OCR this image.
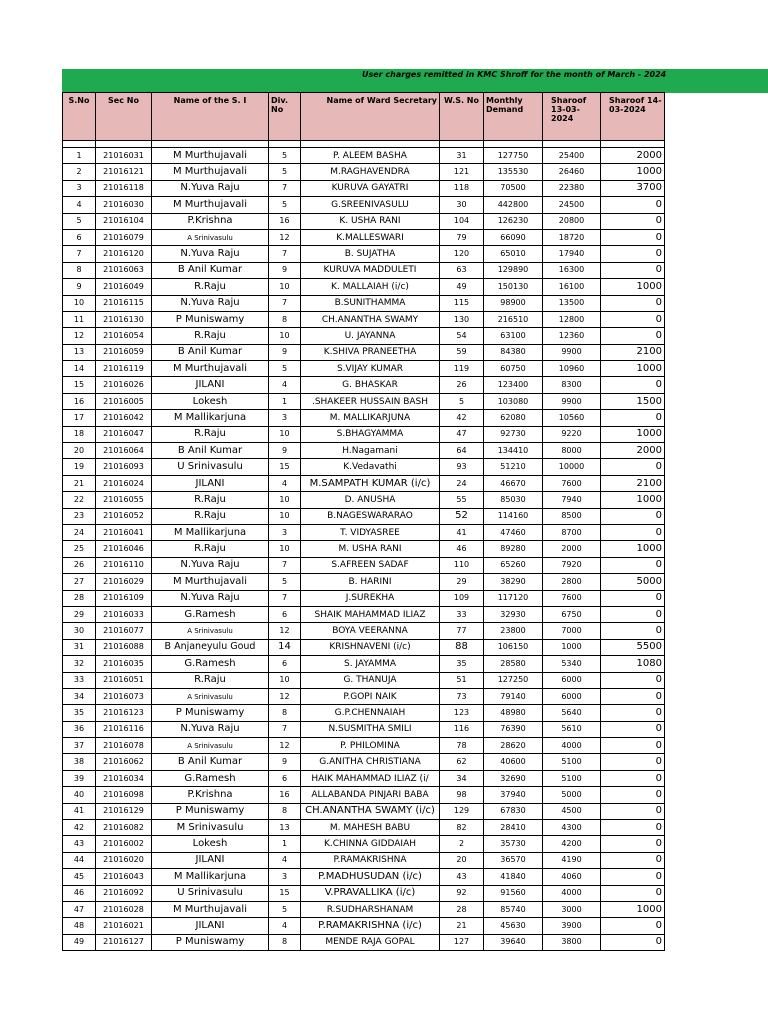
User charges remitted in KMC Shroff for the month of March - 2024
S.No	Sec No	Name of the S. I	Div. No	Name of Ward Secretary	W.S. No	Monthly Demand	Sharoof 13-03-2024	Sharoof 14-03-2024

1	21016031	M Murthujavali	5	P. ALEEM BASHA	31	127750	25400	2000
2	21016121	M Murthujavali	5	M.RAGHAVENDRA	121	135530	26460	1000
3	21016118	N.Yuva Raju	7	KURUVA GAYATRI	118	70500	22380	3700
4	21016030	M Murthujavali	5	G.SREENIVASULU	30	442800	24500	0
5	21016104	P.Krishna	16	K. USHA RANI	104	126230	20800	0
6	21016079	A Srinivasulu	12	K.MALLESWARI	79	66090	18720	0
7	21016120	N.Yuva Raju	7	B. SUJATHA	120	65010	17940	0
8	21016063	B Anil Kumar	9	KURUVA MADDULETI	63	129890	16300	0
9	21016049	R.Raju	10	K. MALLAIAH (i/c)	49	150130	16100	1000
10	21016115	N.Yuva Raju	7	B.SUNITHAMMA	115	98900	13500	0
11	21016130	P Muniswamy	8	CH.ANANTHA SWAMY	130	216510	12800	0
12	21016054	R.Raju	10	U. JAYANNA	54	63100	12360	0
13	21016059	B Anil Kumar	9	K.SHIVA PRANEETHA	59	84380	9900	2100
14	21016119	M Murthujavali	5	S.VIJAY KUMAR	119	60750	10960	1000
15	21016026	JILANI	4	G. BHASKAR	26	123400	8300	0
16	21016005	Lokesh	1	.SHAKEER HUSSAIN BASH	5	103080	9900	1500
17	21016042	M Mallikarjuna	3	M. MALLIKARJUNA	42	62080	10560	0
18	21016047	R.Raju	10	S.BHAGYAMMA	47	92730	9220	1000
20	21016064	B Anil Kumar	9	H.Nagamani	64	134410	8000	2000
19	21016093	U Srinivasulu	15	K.Vedavathi	93	51210	10000	0
21	21016024	JILANI	4	M.SAMPATH KUMAR (i/c)	24	46670	7600	2100
22	21016055	R.Raju	10	D. ANUSHA	55	85030	7940	1000
23	21016052	R.Raju	10	B.NAGESWARARAO	52	114160	8500	0
24	21016041	M Mallikarjuna	3	T. VIDYASREE	41	47460	8700	0
25	21016046	R.Raju	10	M. USHA RANI	46	89280	2000	1000
26	21016110	N.Yuva Raju	7	S.AFREEN SADAF	110	65260	7920	0
27	21016029	M Murthujavali	5	B. HARINI	29	38290	2800	5000
28	21016109	N.Yuva Raju	7	J.SUREKHA	109	117120	7600	0
29	21016033	G.Ramesh	6	SHAIK MAHAMMAD ILIAZ	33	32930	6750	0
30	21016077	A Srinivasulu	12	BOYA VEERANNA	77	23800	7000	0
31	21016088	B Anjaneyulu Goud	14	KRISHNAVENI (i/c)	88	106150	1000	5500
32	21016035	G.Ramesh	6	S. JAYAMMA	35	28580	5340	1080
33	21016051	R.Raju	10	G. THANUJA	51	127250	6000	0
34	21016073	A Srinivasulu	12	P.GOPI NAIK	73	79140	6000	0
35	21016123	P Muniswamy	8	G.P.CHENNAIAH	123	48980	5640	0
36	21016116	N.Yuva Raju	7	N.SUSMITHA SMILI	116	76390	5610	0
37	21016078	A Srinivasulu	12	P. PHILOMINA	78	28620	4000	0
38	21016062	B Anil Kumar	9	G.ANITHA CHRISTIANA	62	40600	5100	0
39	21016034	G.Ramesh	6	HAIK MAHAMMAD ILIAZ (i/	34	32690	5100	0
40	21016098	P.Krishna	16	ALLABANDA PINJARI BABA	98	37940	5000	0
41	21016129	P Muniswamy	8	CH.ANANTHA SWAMY (i/c)	129	67830	4500	0
42	21016082	M Srinivasulu	13	M. MAHESH BABU	82	28410	4300	0
43	21016002	Lokesh	1	K.CHINNA GIDDAIAH	2	35730	4200	0
44	21016020	JILANI	4	P.RAMAKRISHNA	20	36570	4190	0
45	21016043	M Mallikarjuna	3	P.MADHUSUDAN (i/c)	43	41840	4060	0
46	21016092	U Srinivasulu	15	V.PRAVALLIKA (i/c)	92	91560	4000	0
47	21016028	M Murthujavali	5	R.SUDHARSHANAM	28	85740	3000	1000
48	21016021	JILANI	4	P.RAMAKRISHNA (i/c)	21	45630	3900	0
49	21016127	P Muniswamy	8	MENDE RAJA GOPAL	127	39640	3800	0
